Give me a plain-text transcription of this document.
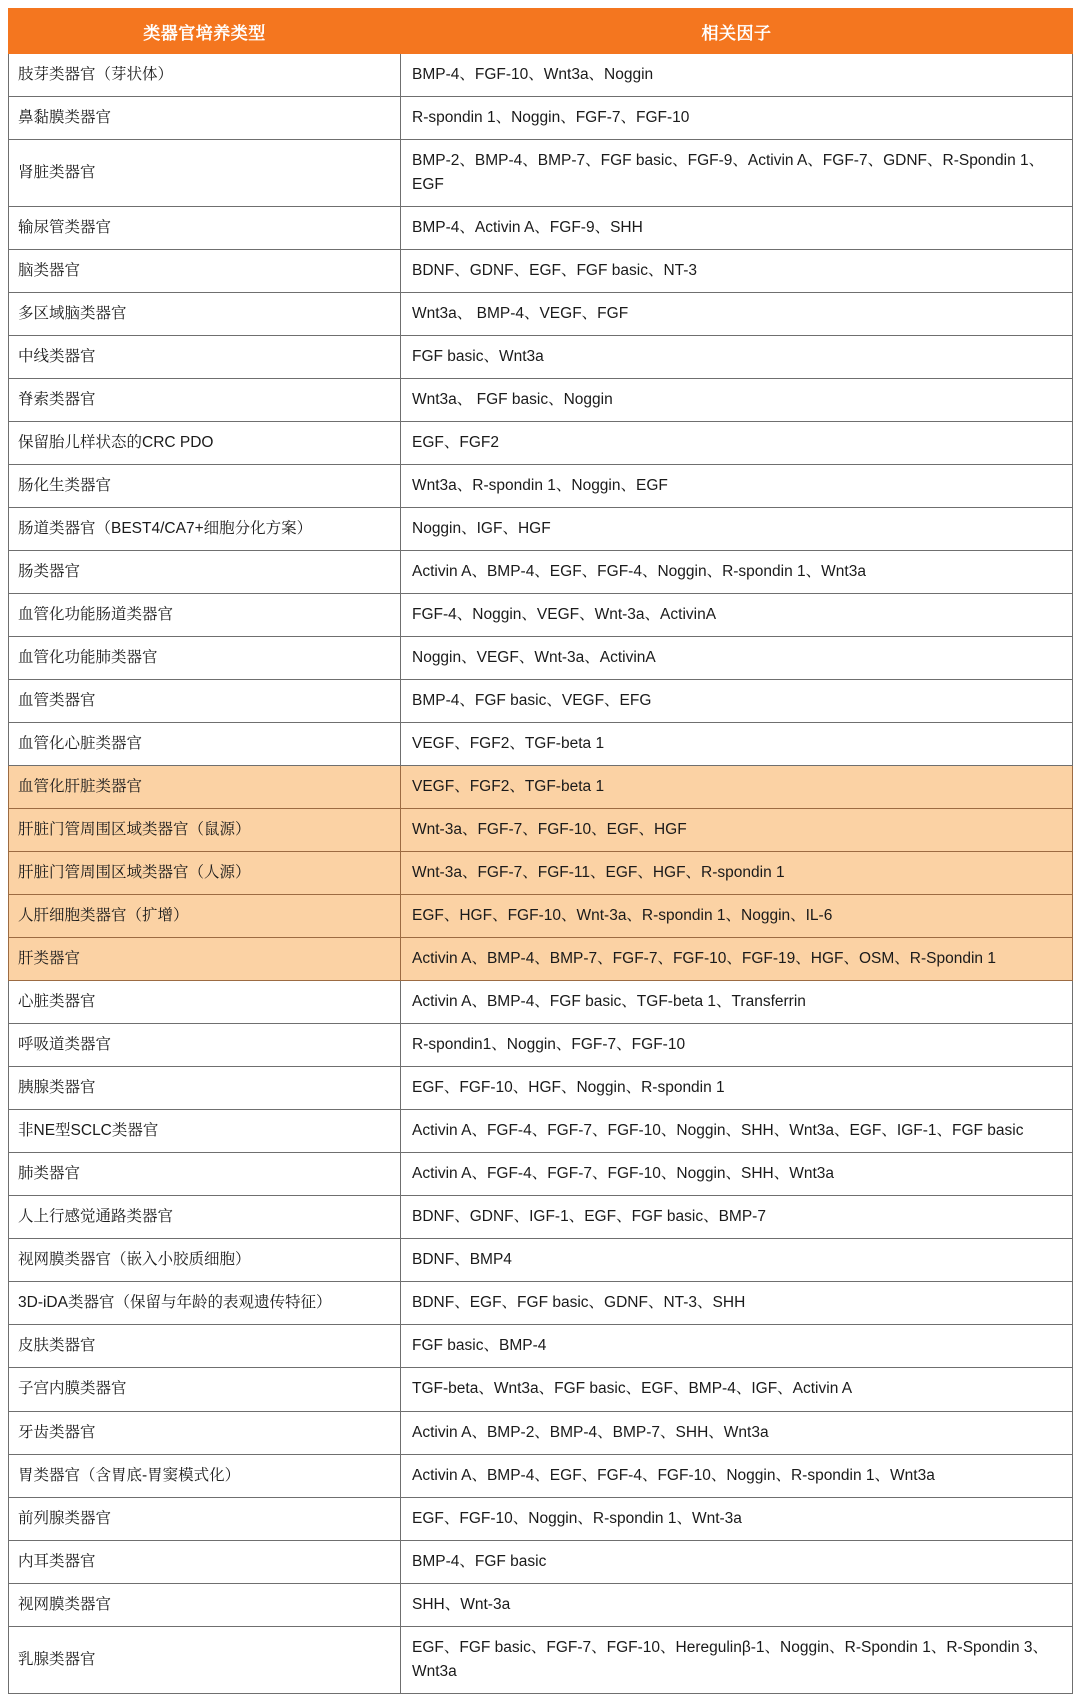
类器官培养类型	相关因子
肢芽类器官（芽状体）	BMP-4、FGF-10、Wnt3a、Noggin
鼻黏膜类器官	R-spondin 1、Noggin、FGF-7、FGF-10
肾脏类器官	BMP-2、BMP-4、BMP-7、FGF basic、FGF-9、Activin A、FGF-7、GDNF、R-Spondin 1、EGF
输尿管类器官	BMP-4、Activin A、FGF-9、SHH
脑类器官	BDNF、GDNF、EGF、FGF basic、NT-3
多区域脑类器官	Wnt3a、 BMP-4、VEGF、FGF
中线类器官	FGF basic、Wnt3a
脊索类器官	Wnt3a、 FGF basic、Noggin
保留胎儿样状态的CRC PDO	EGF、FGF2
肠化生类器官	Wnt3a、R-spondin 1、Noggin、EGF
肠道类器官（BEST4/CA7+细胞分化方案）	Noggin、IGF、HGF
肠类器官	Activin A、BMP-4、EGF、FGF-4、Noggin、R-spondin 1、Wnt3a
血管化功能肠道类器官	FGF-4、Noggin、VEGF、Wnt-3a、ActivinA
血管化功能肺类器官	Noggin、VEGF、Wnt-3a、ActivinA
血管类器官	BMP-4、FGF basic、VEGF、EFG
血管化心脏类器官	VEGF、FGF2、TGF-beta 1
血管化肝脏类器官	VEGF、FGF2、TGF-beta 1
肝脏门管周围区域类器官（鼠源）	Wnt-3a、FGF-7、FGF-10、EGF、HGF
肝脏门管周围区域类器官（人源）	Wnt-3a、FGF-7、FGF-11、EGF、HGF、R-spondin 1
人肝细胞类器官（扩增）	EGF、HGF、FGF-10、Wnt-3a、R-spondin 1、Noggin、IL-6
肝类器官	Activin A、BMP-4、BMP-7、FGF-7、FGF-10、FGF-19、HGF、OSM、R-Spondin 1
心脏类器官	Activin A、BMP-4、FGF basic、TGF-beta 1、Transferrin
呼吸道类器官	R-spondin1、Noggin、FGF-7、FGF-10
胰腺类器官	EGF、FGF-10、HGF、Noggin、R-spondin 1
非NE型SCLC类器官	Activin A、FGF-4、FGF-7、FGF-10、Noggin、SHH、Wnt3a、EGF、IGF-1、FGF basic
肺类器官	Activin A、FGF-4、FGF-7、FGF-10、Noggin、SHH、Wnt3a
人上行感觉通路类器官	BDNF、GDNF、IGF-1、EGF、FGF basic、BMP-7
视网膜类器官（嵌入小胶质细胞）	BDNF、BMP4
3D-iDA类器官（保留与年龄的表观遗传特征）	BDNF、EGF、FGF basic、GDNF、NT-3、SHH
皮肤类器官	FGF basic、BMP-4
子宫内膜类器官	TGF-beta、Wnt3a、FGF basic、EGF、BMP-4、IGF、Activin A
牙齿类器官	Activin A、BMP-2、BMP-4、BMP-7、SHH、Wnt3a
胃类器官（含胃底-胃窦模式化）	Activin A、BMP-4、EGF、FGF-4、FGF-10、Noggin、R-spondin 1、Wnt3a
前列腺类器官	EGF、FGF-10、Noggin、R-spondin 1、Wnt-3a
内耳类器官	BMP-4、FGF basic
视网膜类器官	SHH、Wnt-3a
乳腺类器官	EGF、FGF basic、FGF-7、FGF-10、Heregulinβ-1、Noggin、R-Spondin 1、R-Spondin 3、Wnt3a
